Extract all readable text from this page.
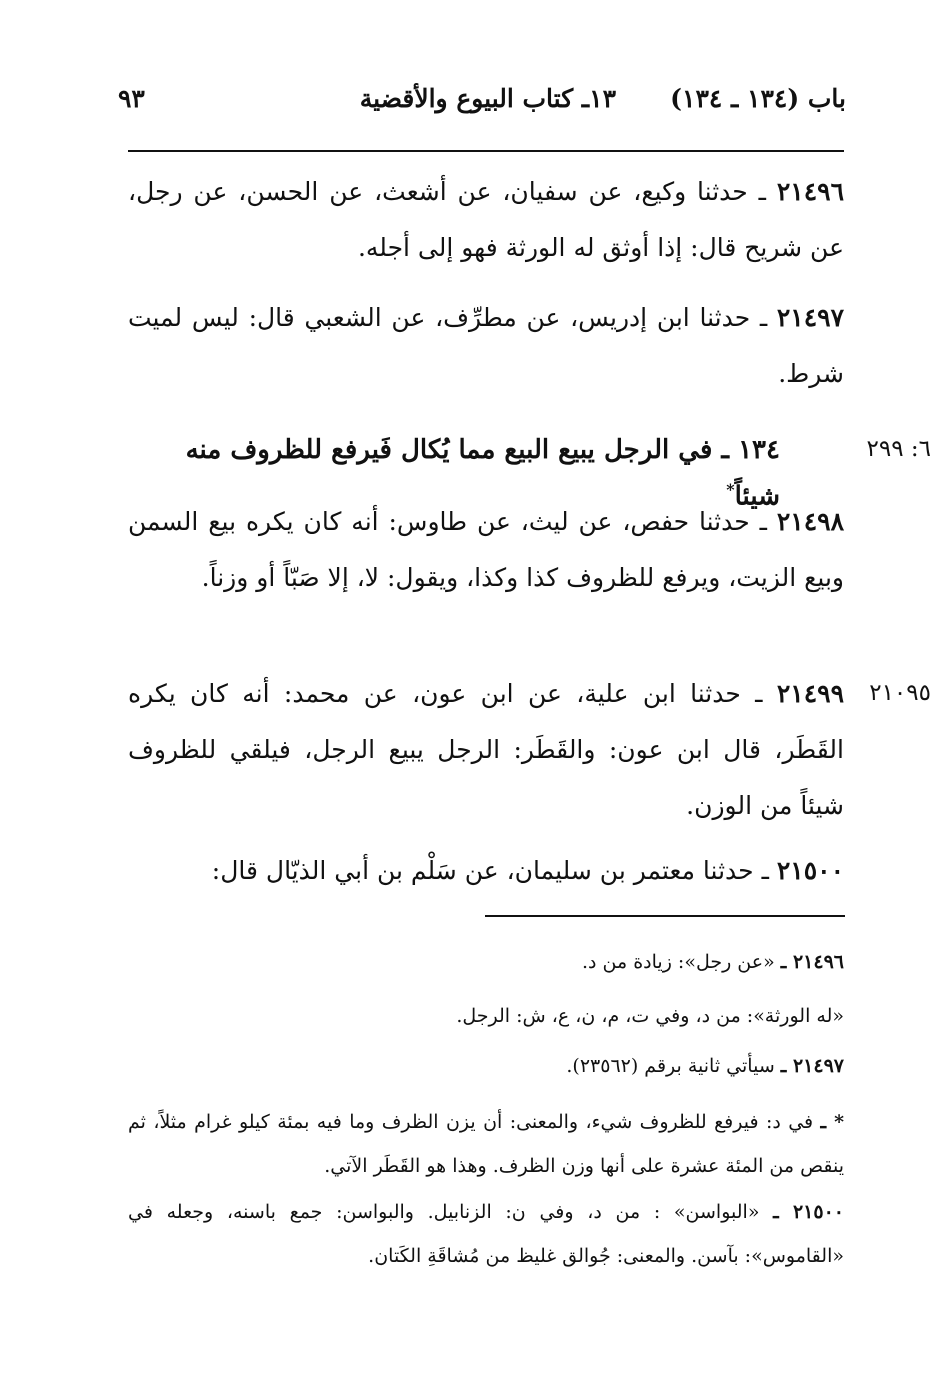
باب (١٣٤ ـ ١٣٤)
١٣ـ كتاب البيوع والأقضية
٩٣
٢١٤٩٦ ـ حدثنا وكيع، عن سفيان، عن أشعث، عن الحسن، عن رجل، عن شريح قال: إذا أوثق له الورثة فهو إلى أجله.
٢١٤٩٧ ـ حدثنا ابن إدريس، عن مطرِّف، عن الشعبي قال: ليس لميت شرط.
٦: ٢٩٩
١٣٤ ـ في الرجل يبيع البيع مما يُكال فَيرفع للظروف منه شيئاً*
٢١٤٩٨ ـ حدثنا حفص، عن ليث، عن طاوس: أنه كان يكره بيع السمن وبيع الزيت، ويرفع للظروف كذا وكذا، ويقول: لا، إلا صَبّاً أو وزناً.
٢١٠٩٥
٢١٤٩٩ ـ حدثنا ابن علية، عن ابن عون، عن محمد: أنه كان يكره القَطَر، قال ابن عون: والقَطَر: الرجل يبيع الرجل، فيلقي للظروف شيئاً من الوزن.
٢١٥٠٠ ـ حدثنا معتمر بن سليمان، عن سَلْم بن أبي الذيّال قال:
٢١٤٩٦ ـ «عن رجل»: زيادة من د.
«له الورثة»: من د، وفي ت، م، ن، ع، ش: الرجل.
٢١٤٩٧ ـ سيأتي ثانية برقم (٢٣٥٦٢).
* ـ في د: فيرفع للظروف شيء، والمعنى: أن يزن الظرف وما فيه بمئة كيلو غرام مثلاً، ثم ينقص من المئة عشرة على أنها وزن الظرف. وهذا هو القَطَر الآتي.
٢١٥٠٠ ـ «البواسن» : من د، وفي ن: الزنابيل. والبواسن: جمع باسنه، وجعله في «القاموس»: بآسن. والمعنى: جُوالق غليظ من مُشاقَةِ الكَتان.
